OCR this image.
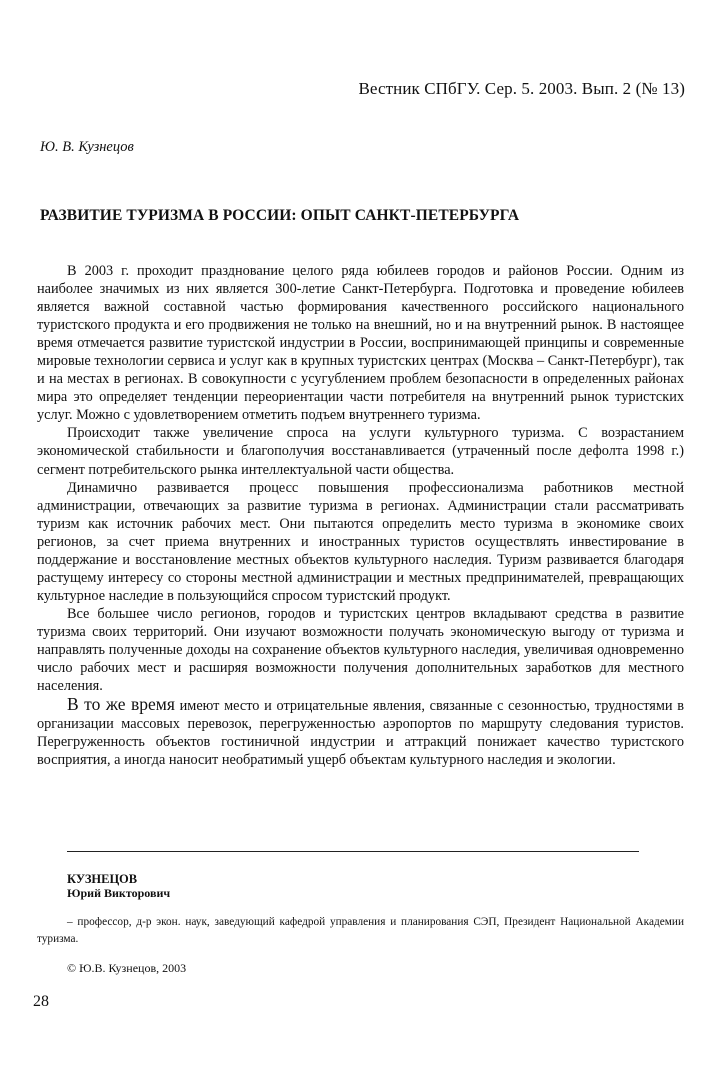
Вестник СПбГУ. Сер. 5. 2003. Вып. 2 (№ 13)
Ю. В. Кузнецов
РАЗВИТИЕ ТУРИЗМА В РОССИИ: ОПЫТ САНКТ-ПЕТЕРБУРГА

В 2003 г. проходит празднование целого ряда юбилеев городов и районов России. Одним из наиболее значимых из них является 300-летие Санкт-Петербурга. Подготовка и проведение юбилеев является важной составной частью формирования качественного российского национального туристского продукта и его продвижения не только на внешний, но и на внутренний рынок. В настоящее время отмечается развитие туристской индустрии в России, воспринимающей принципы и современные мировые технологии сервиса и услуг как в крупных туристских центрах (Москва – Санкт-Петербург), так и на местах в регионах. В совокупности с усугублением проблем безопасности в определенных районах мира это определяет тенденции переориентации части потребителя на внутренний рынок туристских услуг. Можно с удовлетворением отметить подъем внутреннего туризма.

Происходит также увеличение спроса на услуги культурного туризма. С возрастанием экономической стабильности и благополучия восстанавливается (утраченный после дефолта 1998 г.) сегмент потребительского рынка интеллектуальной части общества.

Динамично развивается процесс повышения профессионализма работников местной администрации, отвечающих за развитие туризма в регионах. Администрации стали рассматривать туризм как источник рабочих мест. Они пытаются определить место туризма в экономике своих регионов, за счет приема внутренних и иностранных туристов осуществлять инвестирование в поддержание и восстановление местных объектов культурного наследия. Туризм развивается благодаря растущему интересу со стороны местной администрации и местных предпринимателей, превращающих культурное наследие в пользующийся спросом туристский продукт.

Все большее число регионов, городов и туристских центров вкладывают средства в развитие туризма своих территорий. Они изучают возможности получать экономическую выгоду от туризма и направлять полученные доходы на сохранение объектов культурного наследия, увеличивая одновременно число рабочих мест и расширяя возможности получения дополнительных заработков для местного населения.

В то же время имеют место и отрицательные явления, связанные с сезонностью, трудностями в организации массовых перевозок, перегруженностью аэропортов по маршруту следования туристов. Перегруженность объектов гостиничной индустрии и аттракций понижает качество туристского восприятия, а иногда наносит необратимый ущерб объектам культурного наследия и экологии.

КУЗНЕЦОВ
Юрий Викторович

– профессор, д-р экон. наук, заведующий кафедрой управления и планирования СЭП, Президент Национальной Академии туризма.

© Ю.В. Кузнецов, 2003
28
